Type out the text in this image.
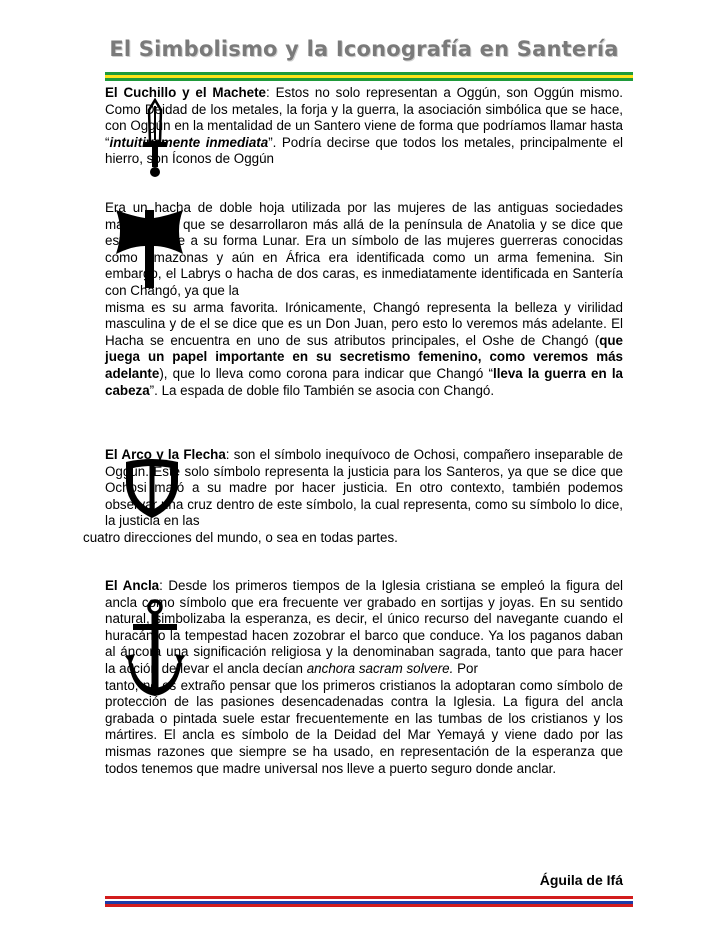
El Simbolismo y la Iconografía en Santería

El Cuchillo y el Machete: Estos no solo representan a Oggún, son Oggún mismo. Como Deidad de los metales, la forja y la guerra, la asociación simbólica que se hace, con Oggún en la mentalidad de un Santero viene de forma que podríamos llamar hasta “intuitivamente inmediata”. Podría decirse que todos los metales, principalmente el hierro, son Íconos de Oggún

Era un hacha de doble hoja utilizada por las mujeres de las antiguas sociedades matriarcales que se desarrollaron más allá de la península de Anatolia y se dice que esto se debe a su forma Lunar. Era un símbolo de las mujeres guerreras conocidas como amazonas y aún en África era identificada como un arma femenina. Sin embargo, el Labrys o hacha de dos caras, es inmediatamente identificada en Santería con Changó, ya que la

misma es su arma favorita. Irónicamente, Changó representa la belleza y virilidad masculina y de el se dice que es un Don Juan, pero esto lo veremos más adelante. El Hacha se encuentra en uno de sus atributos principales, el Oshe de Changó (que juega un papel importante en su secretismo femenino, como veremos más adelante), que lo lleva como corona para indicar que Changó “lleva la guerra en la cabeza”. La espada de doble filo También se asocia con Changó.

El Arco y la Flecha: son el símbolo inequívoco de Ochosi, compañero inseparable de Oggún. Este solo símbolo representa la justicia para los Santeros, ya que se dice que Ochosi mató a su madre por hacer justicia. En otro contexto, también podemos observar una cruz dentro de este símbolo, la cual representa, como su símbolo lo dice, la justicia en las

cuatro direcciones del mundo, o sea en todas partes.

El Ancla: Desde los primeros tiempos de la Iglesia cristiana se empleó la figura del ancla como símbolo que era frecuente ver grabado en sortijas y joyas. En su sentido natural, simbolizaba la esperanza, es decir, el único recurso del navegante cuando el huracán o la tempestad hacen zozobrar el barco que conduce. Ya los paganos daban al áncora una significación religiosa y la denominaban sagrada, tanto que para hacer la acción de levar el ancla decían anchora sacram solvere. Por

tanto, no es extraño pensar que los primeros cristianos la adoptaran como símbolo de protección de las pasiones desencadenadas contra la Iglesia. La figura del ancla grabada o pintada suele estar frecuentemente en las tumbas de los cristianos y los mártires. El ancla es símbolo de la Deidad del Mar Yemayá y viene dado por las mismas razones que siempre se ha usado, en representación de la esperanza que todos tenemos que madre universal nos lleve a puerto seguro donde anclar.

Águila de Ifá
